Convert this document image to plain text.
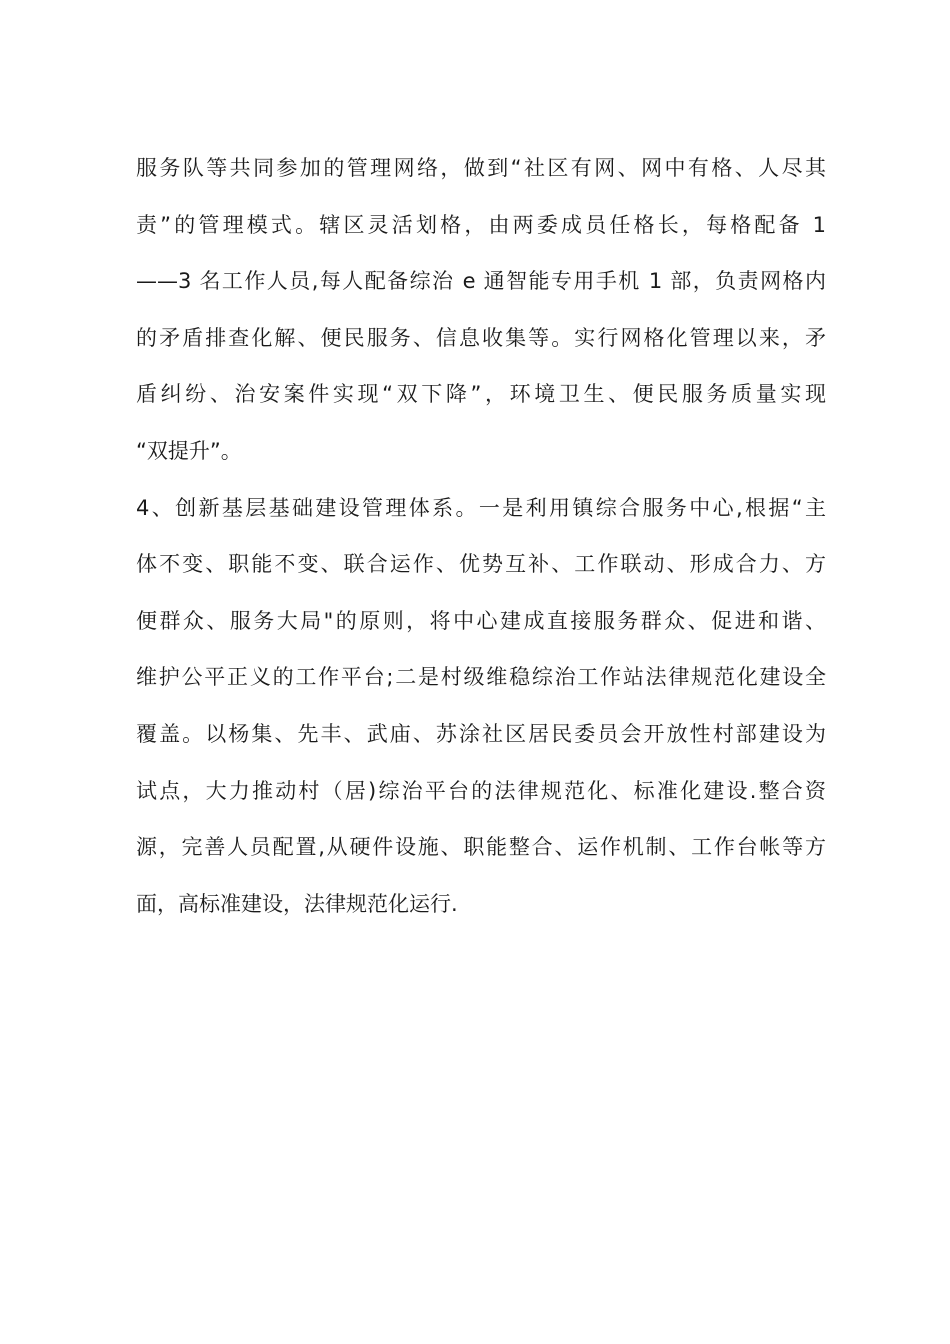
服务队等共同参加的管理网络，做到“社区有网、网中有格、人尽其
责”的管理模式。辖区灵活划格，由两委成员任格长，每格配备 1
——3 名工作人员,每人配备综治 e 通智能专用手机 1 部，负责网格内
的矛盾排查化解、便民服务、信息收集等。实行网格化管理以来，矛
盾纠纷、治安案件实现“双下降”，环境卫生、便民服务质量实现
“双提升”。
4、创新基层基础建设管理体系。一是利用镇综合服务中心,根据“主
体不变、职能不变、联合运作、优势互补、工作联动、形成合力、方
便群众、服务大局"的原则，将中心建成直接服务群众、促进和谐、
维护公平正义的工作平台;二是村级维稳综治工作站法律规范化建设全
覆盖。以杨集、先丰、武庙、苏涂社区居民委员会开放性村部建设为
试点，大力推动村（居)综治平台的法律规范化、标准化建设.整合资
源，完善人员配置,从硬件设施、职能整合、运作机制、工作台帐等方
面，高标准建设，法律规范化运行.
